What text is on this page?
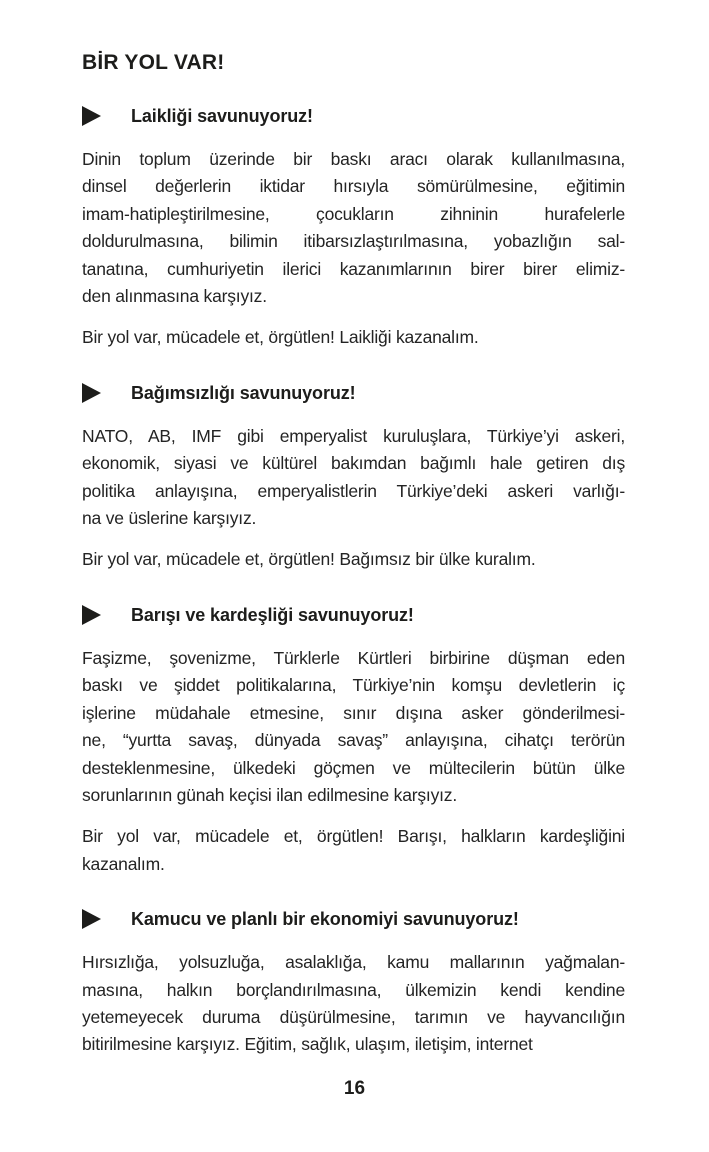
BİR YOL VAR!
Laikliği savunuyoruz!
Dinin toplum üzerinde bir baskı aracı olarak kullanılmasına,
dinsel değerlerin iktidar hırsıyla sömürülmesine, eğitimin
imam-hatipleştirilmesine, çocukların zihninin hurafelerle
doldurulmasına, bilimin itibarsızlaştırılmasına, yobazlığın sal-
tanatına, cumhuriyetin ilerici kazanımlarının birer birer elimiz-
den alınmasına karşıyız.
Bir yol var, mücadele et, örgütlen! Laikliği kazanalım.
Bağımsızlığı savunuyoruz!
NATO, AB, IMF gibi emperyalist kuruluşlara, Türkiye’yi askeri,
ekonomik, siyasi ve kültürel bakımdan bağımlı hale getiren dış
politika anlayışına, emperyalistlerin Türkiye’deki askeri varlığı-
na ve üslerine karşıyız.
Bir yol var, mücadele et, örgütlen! Bağımsız bir ülke kuralım.
Barışı ve kardeşliği savunuyoruz!
Faşizme, şovenizme, Türklerle Kürtleri birbirine düşman eden
baskı ve şiddet politikalarına, Türkiye’nin komşu devletlerin iç
işlerine müdahale etmesine, sınır dışına asker gönderilmesi-
ne, “yurtta savaş, dünyada savaş” anlayışına, cihatçı terörün
desteklenmesine, ülkedeki göçmen ve mültecilerin bütün ülke
sorunlarının günah keçisi ilan edilmesine karşıyız.
Bir yol var, mücadele et, örgütlen! Barışı, halkların kardeşliğini
kazanalım.
Kamucu ve planlı bir ekonomiyi savunuyoruz!
Hırsızlığa, yolsuzluğa, asalaklığa, kamu mallarının yağmalan-
masına, halkın borçlandırılmasına, ülkemizin kendi kendine
yetemeyecek duruma düşürülmesine, tarımın ve hayvancılığın
bitirilmesine karşıyız. Eğitim, sağlık, ulaşım, iletişim, internet
16
